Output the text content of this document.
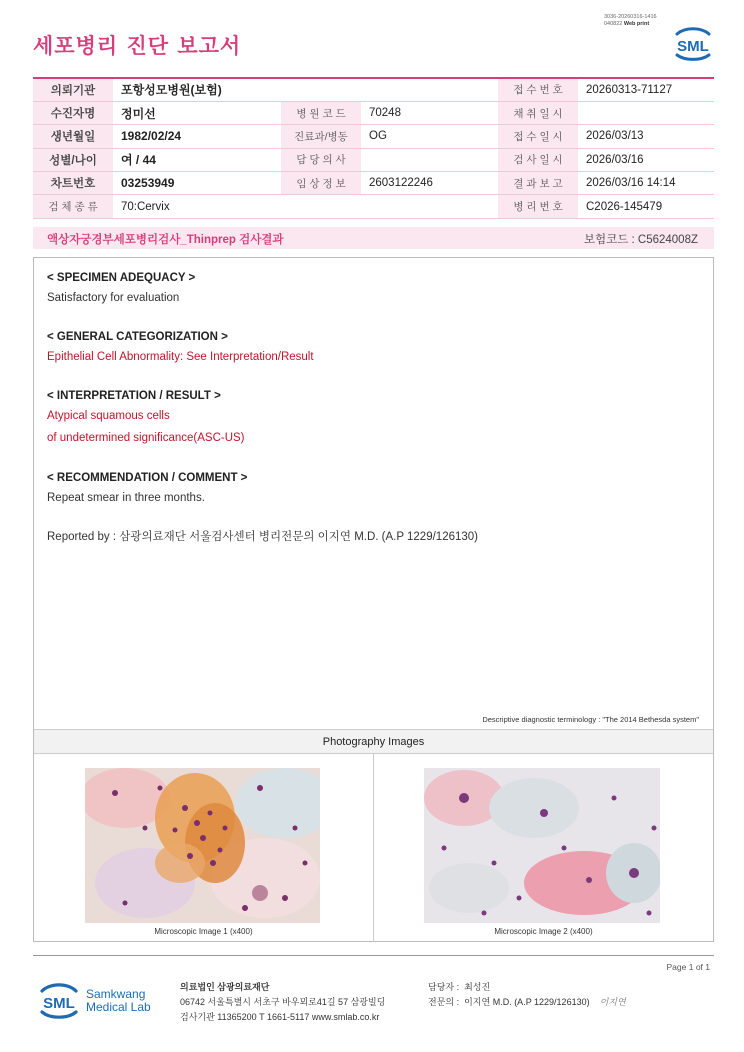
3036-20260316-1416
040822 Web print
세포병리 진단 보고서	SML
의뢰기관	포항성모병원(보험)			접 수 번 호	20260313-71127
수진자명	정미선	병 원 코 드	70248	채 취 일 시	
생년월일	1982/02/24	진료과/병동	OG	접 수 일 시	2026/03/13
성별/나이	여 / 44	담 당 의 사		검 사 일 시	2026/03/16
차트번호	03253949	임 상 정 보	2603122246	결 과 보 고	2026/03/16 14:14
검 체 종 류	70:Cervix			병 리 번 호	C2026-145479
액상자궁경부세포병리검사_Thinprep 검사결과	보험코드 : C5624008Z
< SPECIMEN ADEQUACY >
Satisfactory for evaluation
< GENERAL CATEGORIZATION >
Epithelial Cell Abnormality: See Interpretation/Result
< INTERPRETATION / RESULT >
Atypical squamous cells
of undetermined significance(ASC-US)
< RECOMMENDATION / COMMENT >
Repeat smear in three months.
Reported by : 삼광의료재단 서울검사센터 병리전문의 이지연 M.D. (A.P 1229/126130)
Descriptive diagnostic terminology : "The 2014 Bethesda system"
Photography Images
Microscopic Image 1 (x400)	Microscopic Image 2 (x400)
Page 1 of 1
SML
Samkwang
Medical Lab
의료법인 삼광의료재단
06742 서울특별시 서초구 바우뫼로41길 57 삼광빌딩
검사기관 11365200 T 1661-5117 www.smlab.co.kr
담당자 : 최성진
전문의 : 이지연 M.D. (A.P 1229/126130) 이지연
